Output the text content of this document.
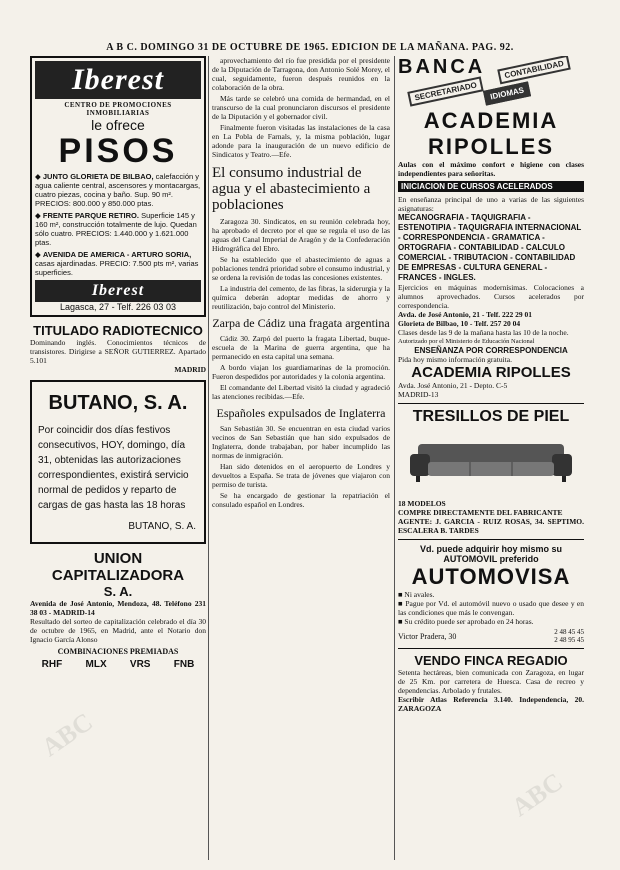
ABC
ABC
A B C. DOMINGO 31 DE OCTUBRE DE 1965. EDICION DE LA MAÑANA. PAG. 92.
Iberest
CENTRO DE PROMOCIONES INMOBILIARIAS
le ofrece
PISOS
◆ JUNTO GLORIETA DE BILBAO, calefacción y agua caliente central, ascensores y montacargas, cuatro piezas, cocina y baño. Sup. 90 m². PRECIOS: 800.000 y 850.000 ptas.
◆ FRENTE PARQUE RETIRO. Superficie 145 y 160 m², construcción totalmente de lujo. Quedan sólo cuatro. PRECIOS: 1.440.000 y 1.621.000 ptas.
◆ AVENIDA DE AMERICA - ARTURO SORIA, casas ajardinadas. PRECIO: 7.500 pts m², varias superficies.
Iberest
Lagasca, 27 - Telf. 226 03 03
TITULADO RADIOTECNICO
Dominando inglés. Conocimientos técnicos de transistores. Dirigirse a SEÑOR GUTIERREZ. Apartado 5.101
MADRID
BUTANO, S. A.
Por coincidir dos días festivos consecutivos, HOY, domingo, día 31, obtenidas las autorizaciones correspondientes, existirá servicio normal de pedidos y reparto de cargas de gas hasta las 18 horas
BUTANO, S. A.
UNION CAPITALIZADORA
S. A.
Avenida de José Antonio, Mendoza, 48. Teléfono 231 38 03 - MADRID-14
Resultado del sorteo de capitalización celebrado el día 30 de octubre de 1965, en Madrid, ante el Notario don Ignacio García Alonso
COMBINACIONES PREMIADAS
RHF MLX VRS FNB

aprovechamiento del río fue presidida por el presidente de la Diputación de Tarragona, don Antonio Solé Morey, el cual, seguidamente, fueron después reunidos en la colaboración de la obra.

Más tarde se celebró una comida de hermandad, en el transcurso de la cual pronunciaron discursos el presidente de la Diputación y el gobernador civil.

Finalmente fueron visitadas las instalaciones de la casa en La Pobla de Farnals, y, la misma población, lugar adonde para la inauguración de un nuevo edificio de Sindicatos y Teatro.—Efe.

El consumo industrial de agua y el abastecimiento a poblaciones

Zaragoza 30. Sindicatos, en su reunión celebrada hoy, ha aprobado el decreto por el que se regula el uso de las aguas del Canal Imperial de Aragón y de la Confederación Hidrográfica del Ebro.

Se ha establecido que el abastecimiento de aguas a poblaciones tendrá prioridad sobre el consumo industrial, y se ordena la revisión de todas las concesiones existentes.

La industria del cemento, de las fibras, la siderurgia y la química deberán adoptar medidas de ahorro y reutilización, bajo control del Ministerio.

Zarpa de Cádiz una fragata argentina

Cádiz 30. Zarpó del puerto la fragata Libertad, buque-escuela de la Marina de guerra argentina, que ha permanecido en esta capital una semana.

A bordo viajan los guardiamarinas de la promoción. Fueron despedidos por autoridades y la colonia argentina.

El comandante del Libertad visitó la ciudad y agradeció las atenciones recibidas.—Efe.

Españoles expulsados de Inglaterra

San Sebastián 30. Se encuentran en esta ciudad varios vecinos de San Sebastián que han sido expulsados de Inglaterra, donde trabajaban, por haber incumplido las normas de inmigración.

Han sido detenidos en el aeropuerto de Londres y devueltos a España. Se trata de jóvenes que viajaron con permiso de turista.

Se ha encargado de gestionar la repatriación el consulado español en Londres.

BANCA	CONTABILIDAD
SECRETARIADO	IDIOMAS
ACADEMIA
RIPOLLES
Aulas con el máximo confort e higiene con clases independientes para señoritas.
INICIACION DE CURSOS ACELERADOS
En enseñanza principal de uno a varias de las siguientes asignaturas:
MECANOGRAFIA - TAQUIGRAFIA - ESTENOTIPIA - TAQUIGRAFIA INTERNACIONAL - CORRESPONDENCIA - GRAMATICA - ORTOGRAFIA - CONTABILIDAD - CALCULO COMERCIAL - TRIBUTACION - CONTABILIDAD DE EMPRESAS - CULTURA GENERAL - FRANCES - INGLES.
Ejercicios en máquinas modernísimas. Colocaciones a alumnos aprovechados. Cursos acelerados por correspondencia.
Avda. de José Antonio, 21 - Telf. 222 29 01
Glorieta de Bilbao, 10 - Telf. 257 20 04
Clases desde las 9 de la mañana hasta las 10 de la noche.
Autorizado por el Ministerio de Educación Nacional
ENSEÑANZA POR CORRESPONDENCIA
Pida hoy mismo información gratuita.
ACADEMIA RIPOLLES
Avda. José Antonio, 21 - Depto. C-5
MADRID-13
TRESILLOS DE PIEL
18 MODELOS
COMPRE DIRECTAMENTE DEL FABRICANTE
AGENTE: J. GARCIA - RUIZ ROSAS, 34. SEPTIMO. ESCALERA B. TARDES
Vd. puede adquirir hoy mismo su AUTOMOVIL preferido
AUTOMOVISA
■ Ni avales.
■ Pague por Vd. el automóvil nuevo o usado que desee y en las condiciones que más le convengan.
■ Su crédito puede ser aprobado en 24 horas.
Victor Pradera, 30	2 48 45 45
2 48 95 45
VENDO FINCA REGADIO
Setenta hectáreas, bien comunicada con Zaragoza, en lugar de 25 Km. por carretera de Huesca. Casa de recreo y dependencias. Arbolado y frutales.
Escribir Atlas Referencia 3.140. Independencia, 20. ZARAGOZA
